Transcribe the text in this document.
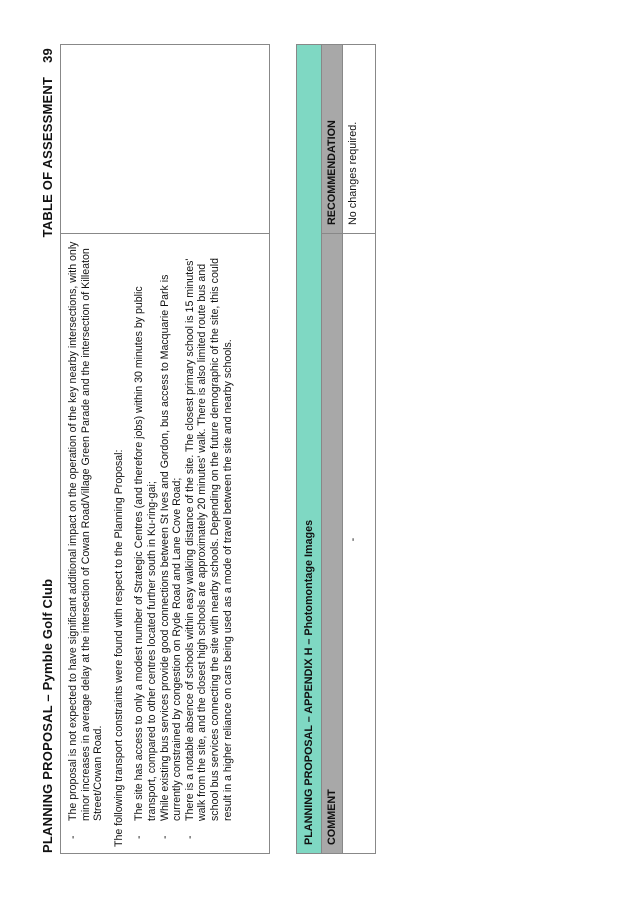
PLANNING PROPOSAL – Pymble Golf Club
TABLE OF ASSESSMENT39
-
The proposal is not expected to have significant additional impact on the operation of the key nearby intersections, with only minor increases in average delay at the intersection of Cowan Road/Village Green Parade and the intersection of Killeaton Street/Cowan Road. The following transport constraints were found with respect to the Planning Proposal: -
The site has access to only a modest number of Strategic Centres (and therefore jobs) within 30 minutes by public transport, compared to other centres located further south in Ku-ring-gai;
-
While existing bus services provide good connections between St Ives and Gordon, bus access to Macquarie Park is currently constrained by congestion on Ryde Road and Lane Cove Road;
-
There is a notable absence of schools within easy walking distance of the site. The closest primary school is 15 minutes' walk from the site, and the closest high schools are approximately 20 minutes' walk. There is also limited route bus and school bus services connecting the site with nearby schools. Depending on the future demographic of the site, this could result in a higher reliance on cars being used as a mode of travel between the site and nearby schools.	PLANNING PROPOSAL – APPENDIX H – Photomontage Images	COMMENT
RECOMMENDATION
-
No changes required.
